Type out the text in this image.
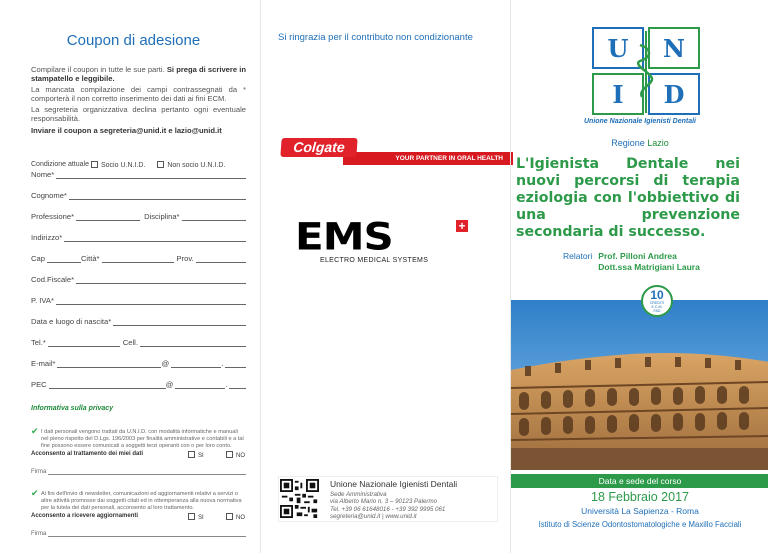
Coupon di adesione

Compilare il coupon in tutte le sue parti. Si prega di scrivere in stampatello e leggibile.

La mancata compilazione dei campi contrassegnati da * comporterà il non corretto inserimento dei dati ai fini ECM.

La segreteria organizzativa declina pertanto ogni eventuale responsabilità.

Inviare il coupon a segreteria@unid.it e lazio@unid.it

Condizione attuale	Socio U.N.I.D.	Non socio U.N.I.D.
Nome*
Cognome*
Professione*	Disciplina*
Indirizzo*
Cap	Città*	Prov.
Cod.Fiscale*
P. IVA*
Data e luogo di nascita*
Tel.*	Cell.
E-mail*	@	.
PEC	@	.
Informativa sulla privacy
✔ I dati personali vengono trattati da U.N.I.D. con modalità informatiche e manuali nel pieno rispetto del D.Lgs. 196/2003 per finalità amministrative e contabili e a tal fine possono essere comunicati a soggetti terzi operanti con o per loro conto.
Acconsento al trattamento dei miei dati	SI	NO
Firma
✔ Ai fini dell'invio di newsletter, comunicazioni ed aggiornamenti relativi a servizi o altre attività promosse dai soggetti citati ed in ottemperanza alla nuova normativa per la tutela dei dati personali, acconsento al loro trattamento.
Acconsento a ricevere aggiornamenti	SI	NO
Firma
Si ringrazia per il contributo non condizionante
YOUR PARTNER IN ORAL HEALTH
Colgate
EMS	+
ELECTRO MEDICAL SYSTEMS
Unione Nazionale Igienisti Dentali
Sede Amministrativa
via Alberto Mario n. 3 – 90123 Palermo
Tel. +39 06 61648016 - +39 392 9995 061
segreteria@unid.it | www.unid.it
U N
I D
Unione Nazionale Igienisti Dentali
Regione Lazio
L'Igienista Dentale nei nuovi percorsi di terapia eziologia con l'obbiettivo di una prevenzione secondaria di successo.
Relatori Prof. Pilloni Andrea
Dott.ssa Matrigiani Laura
10
CREDITI
E.C.M.
FAD
Data e sede del corso
18 Febbraio 2017
Università La Sapienza - Roma
Istituto di Scienze Odontostomatologiche e Maxillo Facciali
